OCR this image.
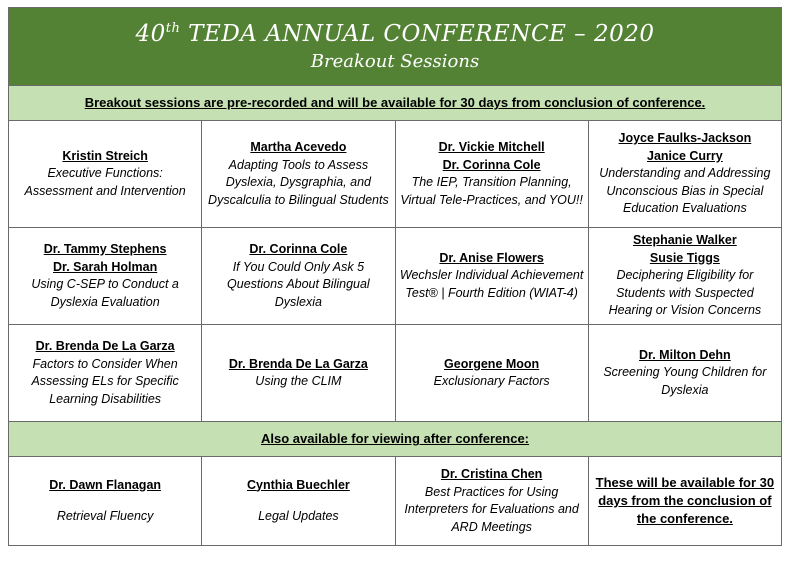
40th TEDA ANNUAL CONFERENCE – 2020
Breakout Sessions			

Breakout sessions are pre-recorded and will be available for 30 days from conclusion of conference.			

Kristin Streich
Executive Functions: Assessment and Intervention	Martha Acevedo
Adapting Tools to Assess Dyslexia, Dysgraphia, and Dyscalculia to Bilingual Students	Dr. Vickie Mitchell
Dr. Corinna Cole
The IEP, Transition Planning, Virtual Tele-Practices, and YOU!!	Joyce Faulks-Jackson
Janice Curry
Understanding and Addressing Unconscious Bias in Special Education Evaluations

Dr. Tammy Stephens
Dr. Sarah Holman
Using C-SEP to Conduct a Dyslexia Evaluation	Dr. Corinna Cole
If You Could Only Ask 5 Questions About Bilingual Dyslexia	Dr. Anise Flowers
Wechsler Individual Achievement Test® | Fourth Edition (WIAT-4)	Stephanie Walker
Susie Tiggs
Deciphering Eligibility for Students with Suspected Hearing or Vision Concerns

Dr. Brenda De La Garza
Factors to Consider When Assessing ELs for Specific Learning Disabilities	Dr. Brenda De La Garza
Using the CLIM	Georgene Moon
Exclusionary Factors	Dr. Milton Dehn
Screening Young Children for Dyslexia

Also available for viewing after conference:			

Dr. Dawn Flanagan
Retrieval Fluency	Cynthia Buechler
Legal Updates	Dr. Cristina Chen
Best Practices for Using Interpreters for Evaluations and ARD Meetings	These will be available for 30 days from the conclusion of the conference.
